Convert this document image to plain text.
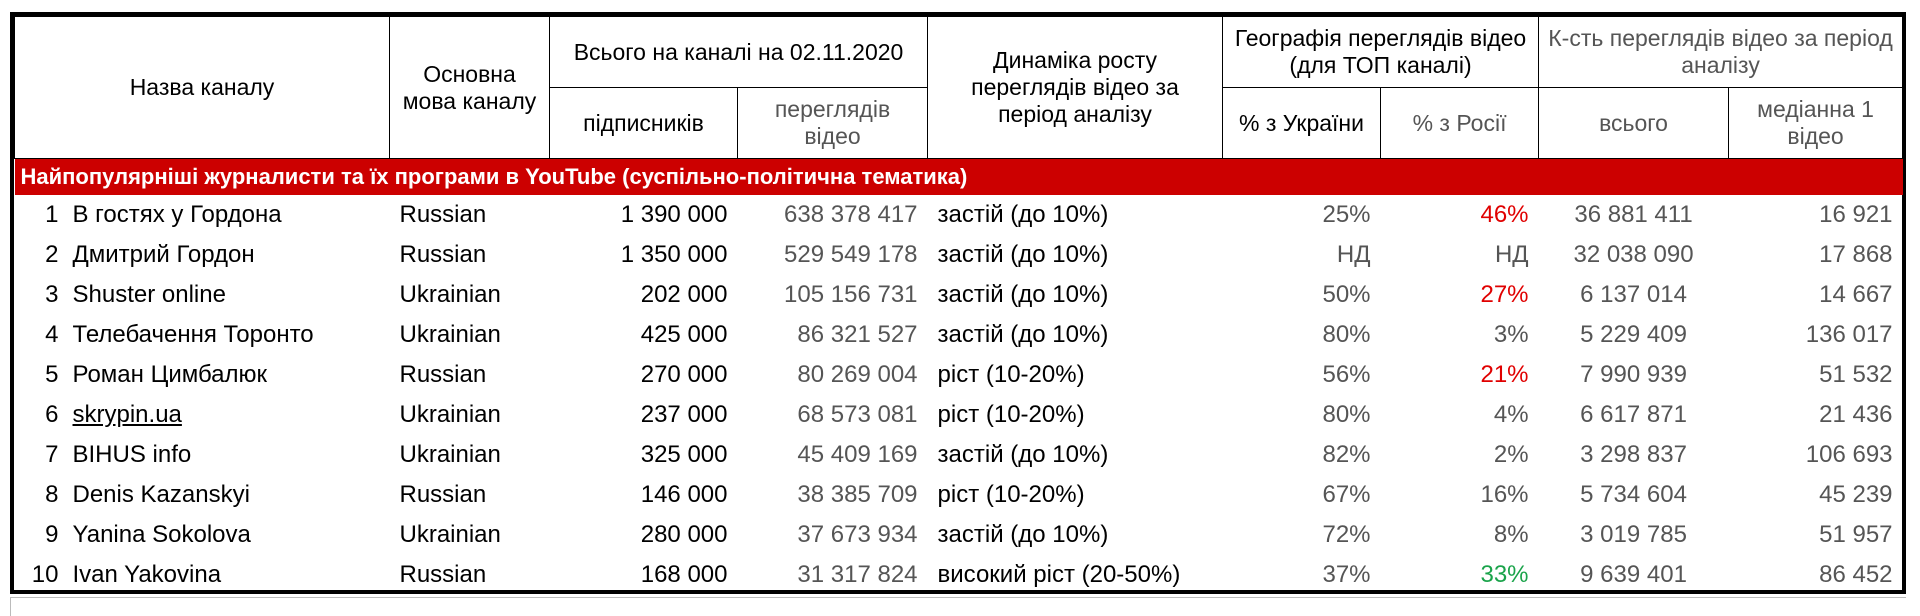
Назва каналу	Основна мова каналу	Всього на каналі на 02.11.2020		Динаміка росту переглядів відео за період аналізу	Географія переглядів відео (для ТОП каналі)		К-сть переглядів відео за період аналізу	
		підписників	переглядів відео		% з України	% з Росії	всього	медіанна 1 відео
Найпопулярніші журналисти та їх програми в YouTube (суспільно-політична тематика)								
1 В гостях у Гордона	Russian	1 390 000	638 378 417	застій (до 10%)	25%	46%	36 881 411	16 921
2 Дмитрий Гордон	Russian	1 350 000	529 549 178	застій (до 10%)	НД	НД	32 038 090	17 868
3 Shuster online	Ukrainian	202 000	105 156 731	застій (до 10%)	50%	27%	6 137 014	14 667
4 Телебачення Торонто	Ukrainian	425 000	86 321 527	застій (до 10%)	80%	3%	5 229 409	136 017
5 Роман Цимбалюк	Russian	270 000	80 269 004	ріст (10-20%)	56%	21%	7 990 939	51 532
6 skrypin.ua	Ukrainian	237 000	68 573 081	ріст (10-20%)	80%	4%	6 617 871	21 436
7 BIHUS info	Ukrainian	325 000	45 409 169	застій (до 10%)	82%	2%	3 298 837	106 693
8 Denis Kazanskyi	Russian	146 000	38 385 709	ріст (10-20%)	67%	16%	5 734 604	45 239
9 Yanina Sokolova	Ukrainian	280 000	37 673 934	застій (до 10%)	72%	8%	3 019 785	51 957
10 Ivan Yakovina	Russian	168 000	31 317 824	високий ріст (20-50%)	37%	33%	9 639 401	86 452
